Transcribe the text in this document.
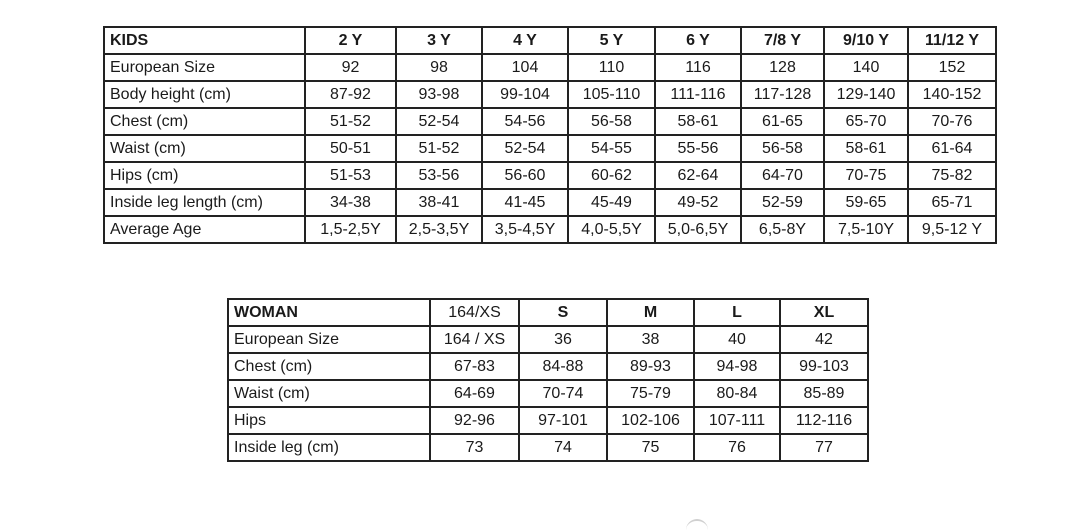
KIDS	2 Y	3 Y	4 Y	5 Y	6 Y	7/8 Y	9/10 Y	11/12 Y
European Size	92	98	104	110	116	128	140	152
Body height (cm)	87-92	93-98	99-104	105-110	111-116	117-128	129-140	140-152
Chest (cm)	51-52	52-54	54-56	56-58	58-61	61-65	65-70	70-76
Waist (cm)	50-51	51-52	52-54	54-55	55-56	56-58	58-61	61-64
Hips (cm)	51-53	53-56	56-60	60-62	62-64	64-70	70-75	75-82
Inside leg length (cm)	34-38	38-41	41-45	45-49	49-52	52-59	59-65	65-71
Average Age	1,5-2,5Y	2,5-3,5Y	3,5-4,5Y	4,0-5,5Y	5,0-6,5Y	6,5-8Y	7,5-10Y	9,5-12 Y
WOMAN	164/XS	S	M	L	XL
European Size	164 / XS	36	38	40	42
Chest (cm)	67-83	84-88	89-93	94-98	99-103
Waist (cm)	64-69	70-74	75-79	80-84	85-89
Hips	92-96	97-101	102-106	107-111	112-116
Inside leg (cm)	73	74	75	76	77
